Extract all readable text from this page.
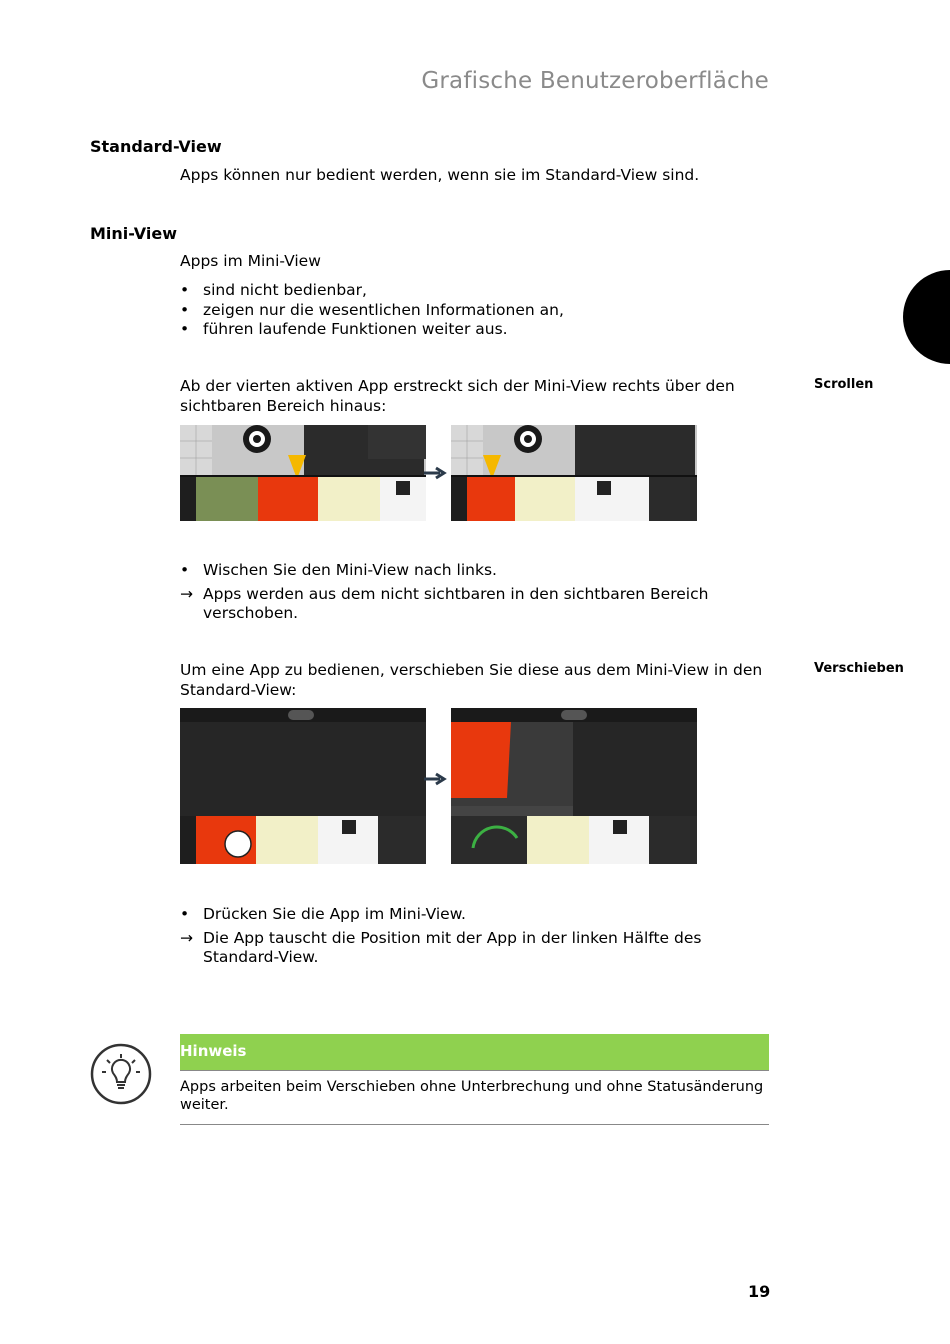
Grafische Benutzeroberfläche
Standard-View
Apps können nur bedient werden, wenn sie im Standard-View sind.
Mini-View
Apps im Mini-View
• sind nicht bedienbar,
• zeigen nur die wesentlichen Informationen an,
• führen laufende Funktionen weiter aus.
Scrollen
Ab der vierten aktiven App erstreckt sich der Mini-View rechts über den sichtbaren Bereich hinaus:
• Wischen Sie den Mini-View nach links.
→ Apps werden aus dem nicht sichtbaren in den sichtbaren Bereich verschoben.
Verschieben
Um eine App zu bedienen, verschieben Sie diese aus dem Mini-View in den Standard-View:
• Drücken Sie die App im Mini-View.
→ Die App tauscht die Position mit der App in der linken Hälfte des Standard-View.
Hinweis
Apps arbeiten beim Verschieben ohne Unterbrechung und ohne Statusänderung weiter.
19
